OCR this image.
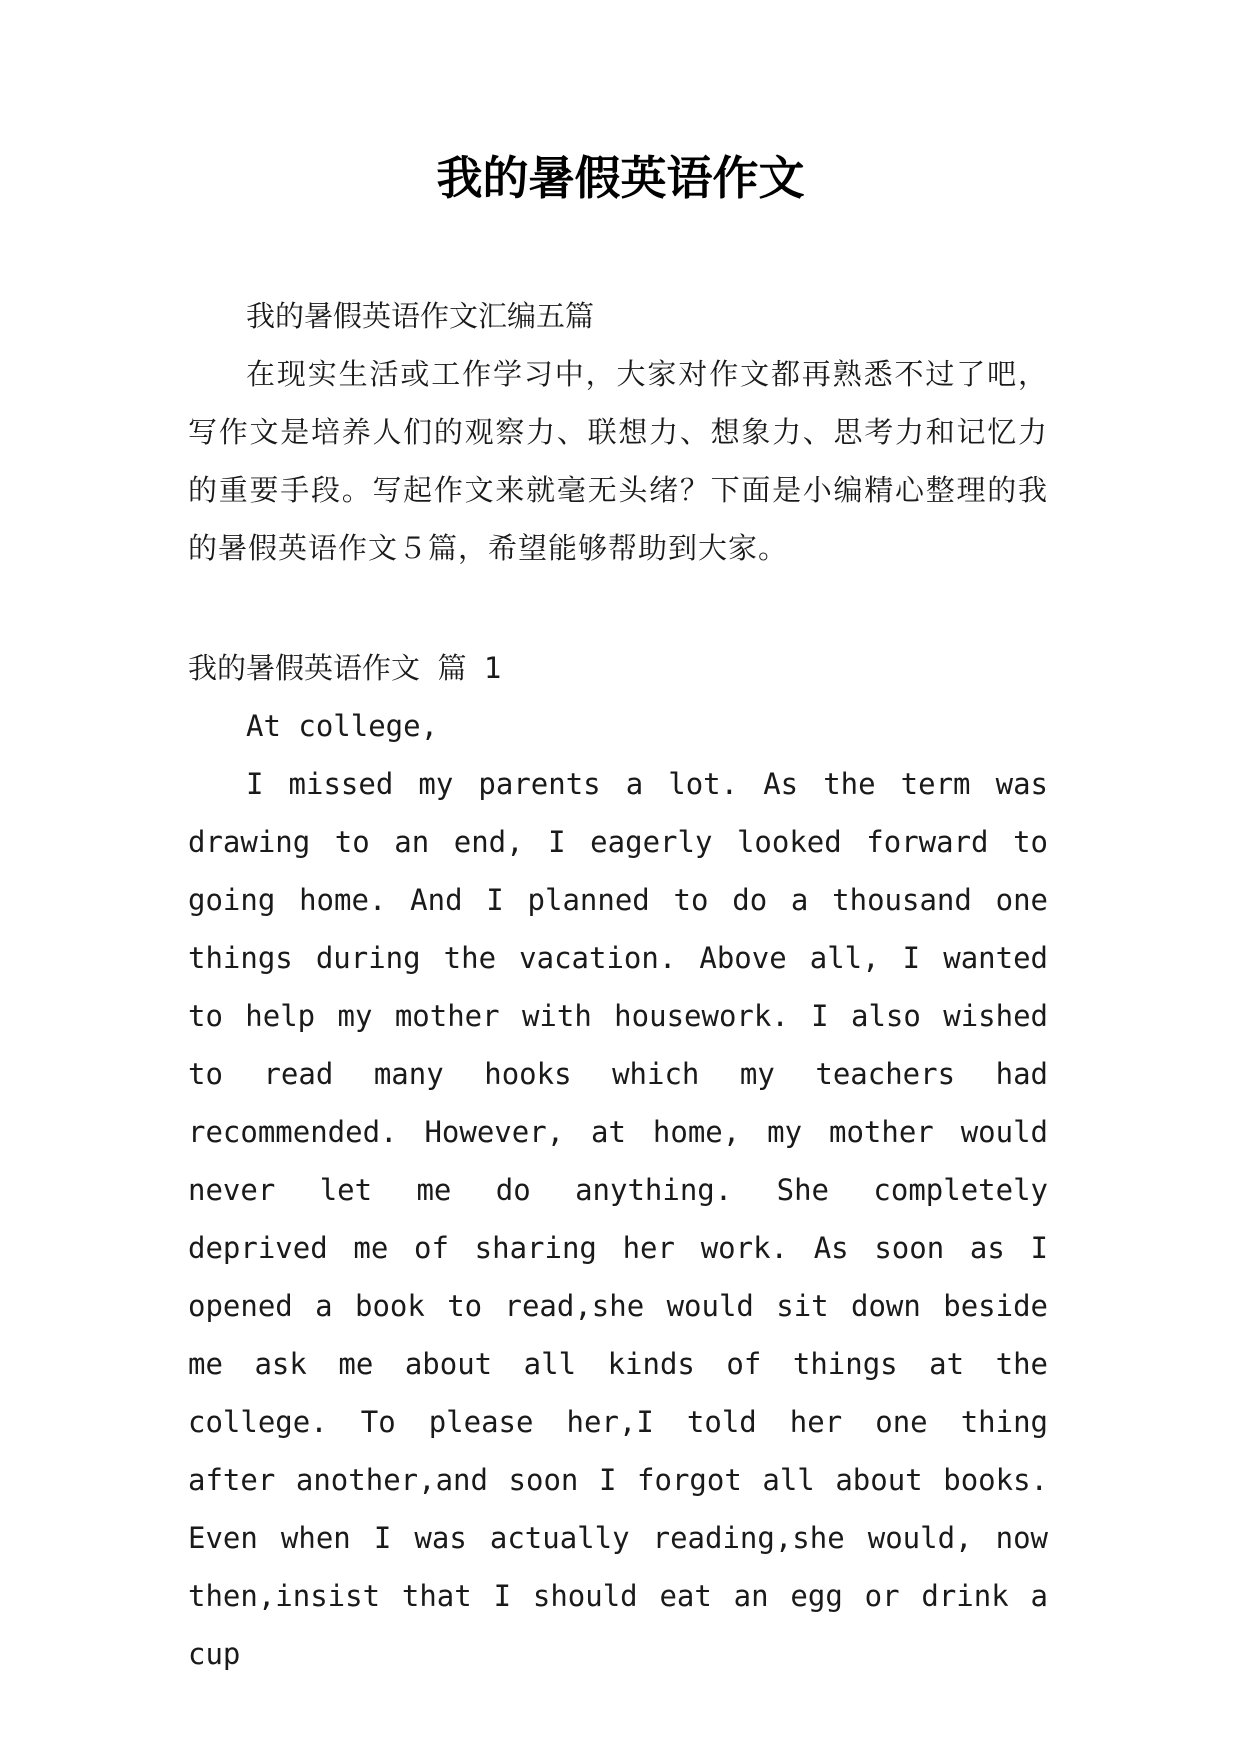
我的暑假英语作文
我的暑假英语作文汇编五篇
在现实生活或工作学习中，大家对作文都再熟悉不过了吧，写作文是培养人们的观察力、联想力、想象力、思考力和记忆力的重要手段。写起作文来就毫无头绪？下面是小编精心整理的我的暑假英语作文５篇，希望能够帮助到大家。
我的暑假英语作文 篇 1
At college,
I missed my parents a lot. As the term was drawing to an end, I eagerly looked forward to going home. And I planned to do a thousand one things during the vacation. Above all, I wanted to help my mother with housework. I also wished to read many hooks which my teachers had recommended. However, at home, my mother would never let me do anything. She completely deprived me of sharing her work. As soon as I opened a book to read,she would sit down beside me ask me about all kinds of things at the college. To please her,I told her one thing after another,and soon I forgot all about books. Even when I was actually reading,she would, now then,insist that I should eat an egg or drink a cup
